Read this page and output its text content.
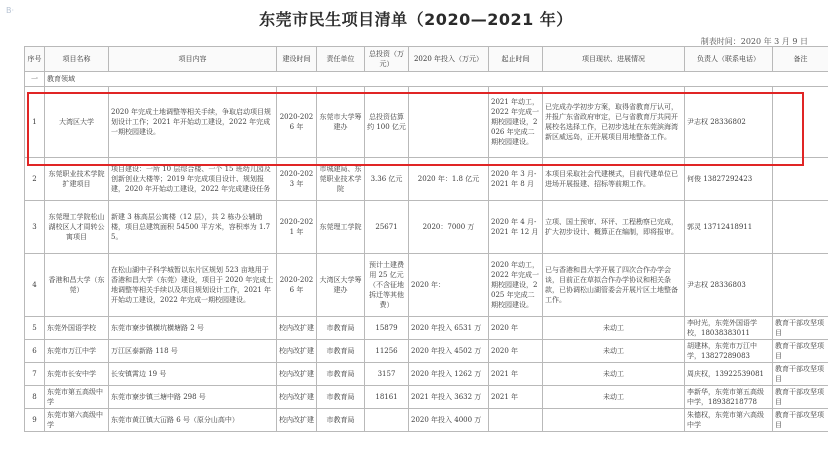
B·	东莞市民生项目清单（2020—2021 年）
制表时间：2020 年 3 月 9 日
序号	项目名称	项目内容	建设时间	责任单位	总投资（万元）	2020 年投入（万元）	起止时间	项目现状、进展情况	负责人（联系电话）	备注
一	教育领域									
1	大湾区大学	2020 年完成土地调整等相关手续，争取启动项目规划设计工作；2021 年开始动工建设，2022 年完成一期校园建设。	2020-2026 年	东莞市大学筹建办	总投资估算约 100 亿元		2021 年动工，2022 年完成一期校园建设，2026 年完成二期校园建设。	已完成办学初步方案，取得省教育厅认可，并报广东省政府审定，已与省教育厅共同开展校名选择工作，已初步选址在东莞滨海湾新区威远岛，正开展项目用地整备工作。	尹志权 28336802	
2	东莞职业技术学院扩建项目	项目建设：一所 10 层综合楼、一个 15 班幼儿园及创新创业大楼等；2019 年完成项目设计、规划报建，2020 年开始动工建设，2022 年完成建设任务	2020-2023 年	市城建局、东莞职业技术学院	3.36 亿元	2020 年：1.8 亿元	2020 年 3 月-2021 年 8 月	本项目采取社会代建模式，目前代建单位已进场开展报建、招标等前期工作。	何俊 13827292423	
3	东莞理工学院松山湖校区人才周转公寓项目	新建 3 栋高层公寓楼（12 层），共 2 栋办公辅助楼，项目总建筑面积 54500 平方米，容积率为 1.75。	2020-2021 年	东莞理工学院	25671	2020：7000 万	2020 年 4 月-2021 年 12 月	立项、国土预审、环评、工程勘察已完成，扩大初步设计、概算正在编制，即将报审。	郭灵 13712418911	
4	香港和昌大学（东莞）	在松山湖中子科学城暂以东片区规划 523 亩地用于香港和昌大学（东莞）建设，项目于 2020 年完成土地调整等相关手续以及项目规划设计工作，2021 年开始动工建设，2022 年完成一期校园建设。	2020-2026 年	大湾区大学筹建办	预计土建费用 25 亿元（不含征地拆迁等其他费）	2020 年：	2020 年动工，2022 年完成一期校园建设，2025 年完成二期校园建设。	已与香港和昌大学开展了四次合作办学会谈，目前正在草拟合作办学协议和相关条款，已协调松山湖管委会开展片区土地整备工作。	尹志权 28336803	
5	东莞外国语学校	东莞市寮步镇横坑横塘路 2 号	校内改扩建	市教育局	15879	2020 年投入 6531 万	2020 年	未动工	李时光，东莞外国语学校，18038383011	教育干部攻坚项目
6	东莞市万江中学	万江区泰新路 118 号	校内改扩建	市教育局	11256	2020 年投入 4502 万	2020 年	未动工	胡建林，东莞市万江中学，13827289083	教育干部攻坚项目
7	东莞市长安中学	长安镇霄边 19 号	校内改扩建	市教育局	3157	2020 年投入 1262 万	2021 年	未动工	周庆权，13922539081	教育干部攻坚项目
8	东莞市第五高级中学	东莞市寮步镇三塘中路 298 号	校内改扩建	市教育局	18161	2021 年投入 3632 万	2021 年	未动工	李新华，东莞市第五高级中学，18938218778	教育干部攻坚项目
9	东莞市第六高级中学	东莞市黄江镇大冚路 6 号（原分山高中）	校内改扩建	市教育局		2020 年投入 4000 万			朱德权，东莞市第六高级中学	教育干部攻坚项目
